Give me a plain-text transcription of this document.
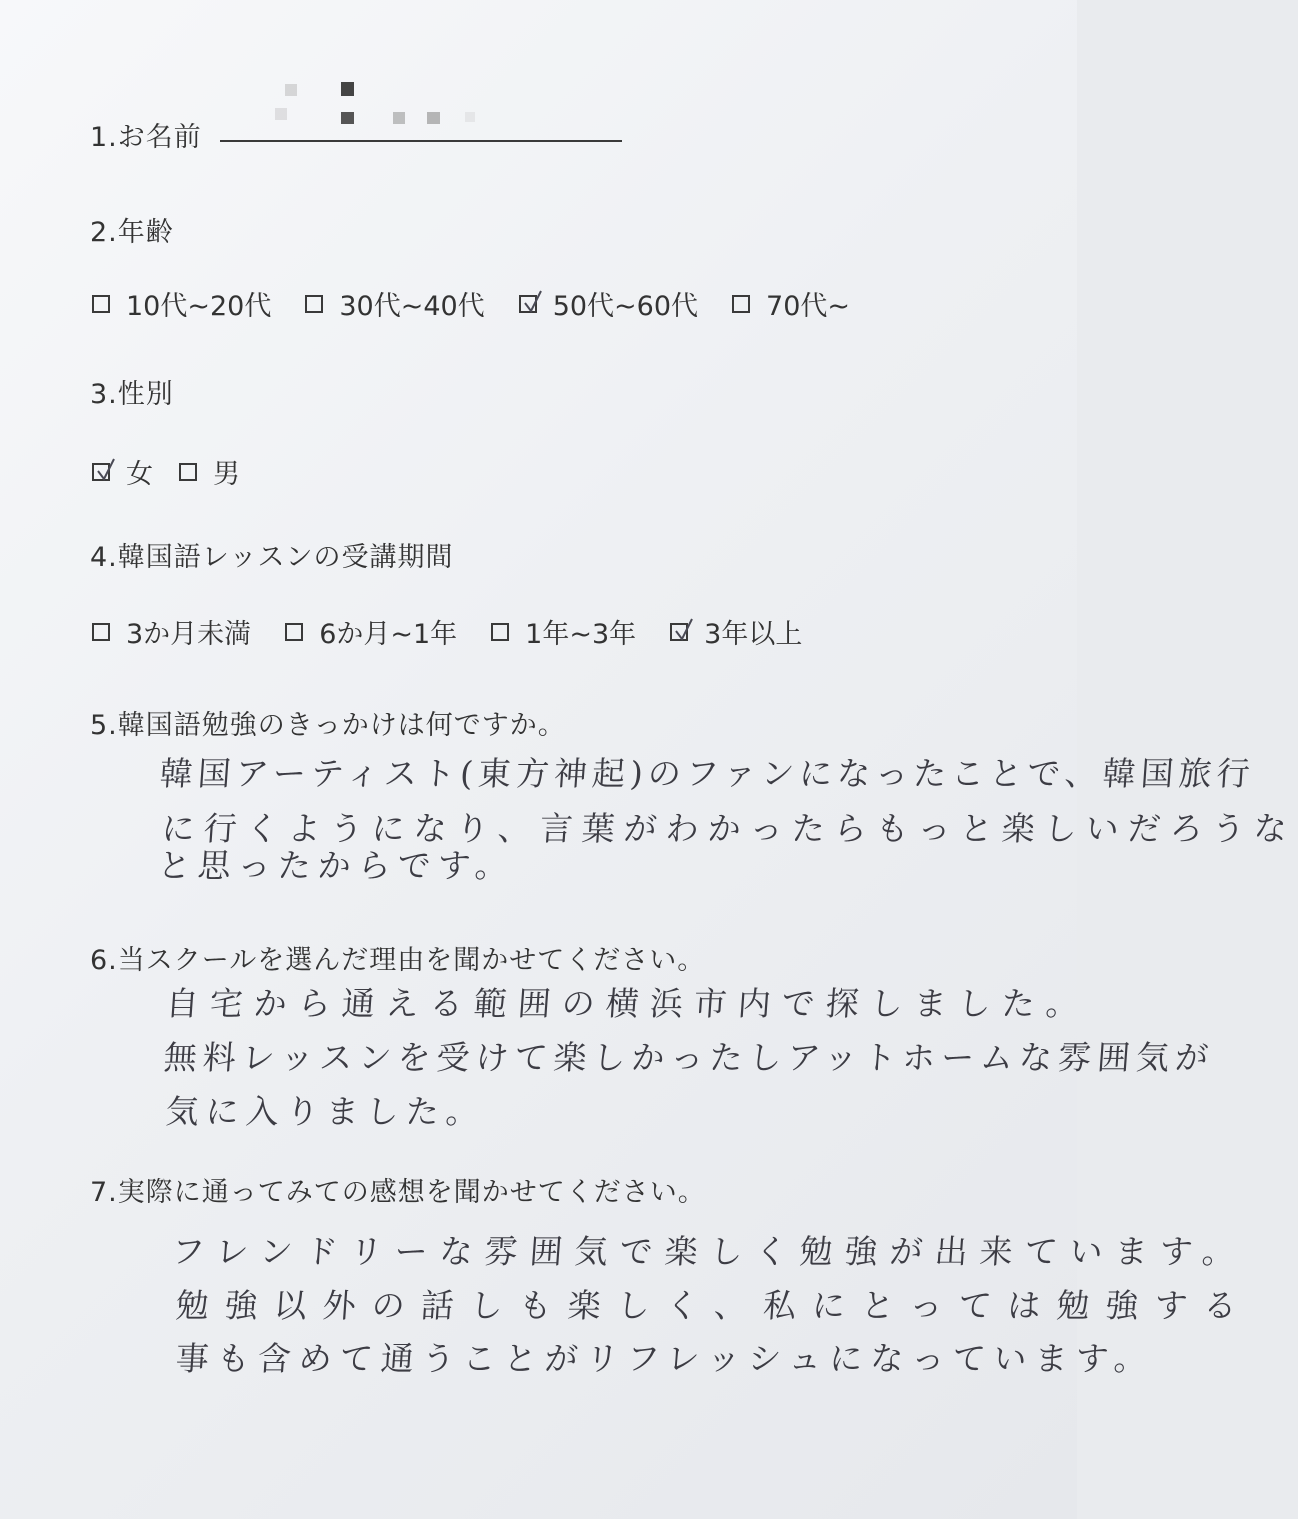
1.お名前
2.年齢
10代~20代	30代~40代	50代~60代	70代~
3.性別
女 男
4.韓国語レッスンの受講期間
3か月未満	6か月~1年	1年~3年	3年以上
5.韓国語勉強のきっかけは何ですか。
韓国アーティスト(東方神起)のファンになったことで、韓国旅行
に行くようになり、言葉がわかったらもっと楽しいだろうな
と思ったからです。
6.当スクールを選んだ理由を聞かせてください。
自宅から通える範囲の横浜市内で探しました。
無料レッスンを受けて楽しかったしアットホームな雰囲気が
気に入りました。
7.実際に通ってみての感想を聞かせてください。
フレンドリーな雰囲気で楽しく勉強が出来ています。
勉強以外の話しも楽しく、私にとっては勉強する
事も含めて通うことがリフレッシュになっています。
